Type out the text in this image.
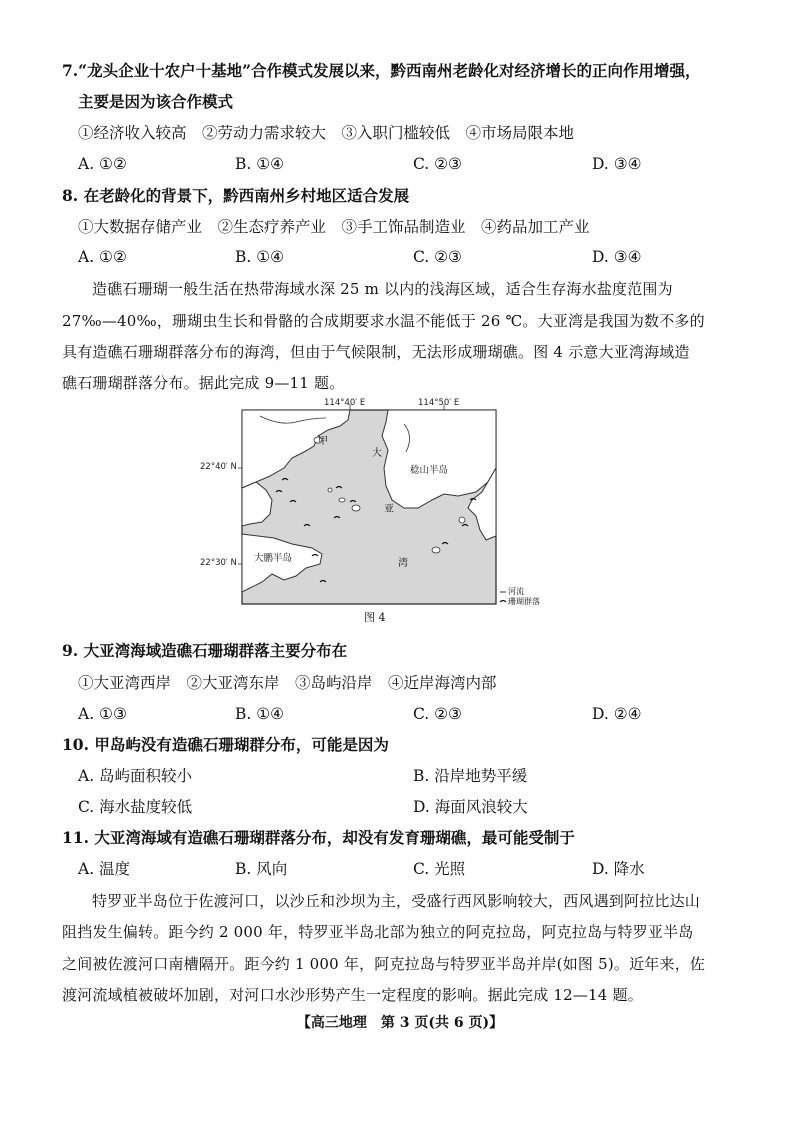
7.“龙头企业十农户十基地”合作模式发展以来，黔西南州老龄化对经济增长的正向作用增强，
主要是因为该合作模式
①经济收入较高　②劳动力需求较大　③入职门槛较低　④市场局限本地
A. ①②	B. ①④	C. ②③	D. ③④
8. 在老龄化的背景下，黔西南州乡村地区适合发展
①大数据存储产业　②生态疗养产业　③手工饰品制造业　④药品加工产业
A. ①②	B. ①④	C. ②③	D. ③④
造礁石珊瑚一般生活在热带海域水深 25 m 以内的浅海区域，适合生存海水盐度范围为
27‰—40‰，珊瑚虫生长和骨骼的合成期要求水温不能低于 26 ℃。大亚湾是我国为数不多的
具有造礁石珊瑚群落分布的海湾，但由于气候限制，无法形成珊瑚礁。图 4 示意大亚湾海域造
礁石珊瑚群落分布。据此完成 9—11 题。
114°40′ E	114°50′ E
22°40′ N
22°30′ N
甲
大
亚
湾
稔山半岛
大鹏半岛
河流
珊瑚群落
图 4
9. 大亚湾海域造礁石珊瑚群落主要分布在
①大亚湾西岸　②大亚湾东岸　③岛屿沿岸　④近岸海湾内部
A. ①③	B. ①④	C. ②③	D. ②④
10. 甲岛屿没有造礁石珊瑚群分布，可能是因为
A. 岛屿面积较小	B. 沿岸地势平缓
C. 海水盐度较低	D. 海面风浪较大
11. 大亚湾海域有造礁石珊瑚群落分布，却没有发育珊瑚礁，最可能受制于
A. 温度	B. 风向	C. 光照	D. 降水
特罗亚半岛位于佐渡河口，以沙丘和沙坝为主，受盛行西风影响较大，西风遇到阿拉比达山
阻挡发生偏转。距今约 2 000 年，特罗亚半岛北部为独立的阿克拉岛，阿克拉岛与特罗亚半岛
之间被佐渡河口南槽隔开。距今约 1 000 年，阿克拉岛与特罗亚半岛并岸(如图 5)。近年来，佐
渡河流域植被破坏加剧，对河口水沙形势产生一定程度的影响。据此完成 12—14 题。
【高三地理　第 3 页(共 6 页)】
